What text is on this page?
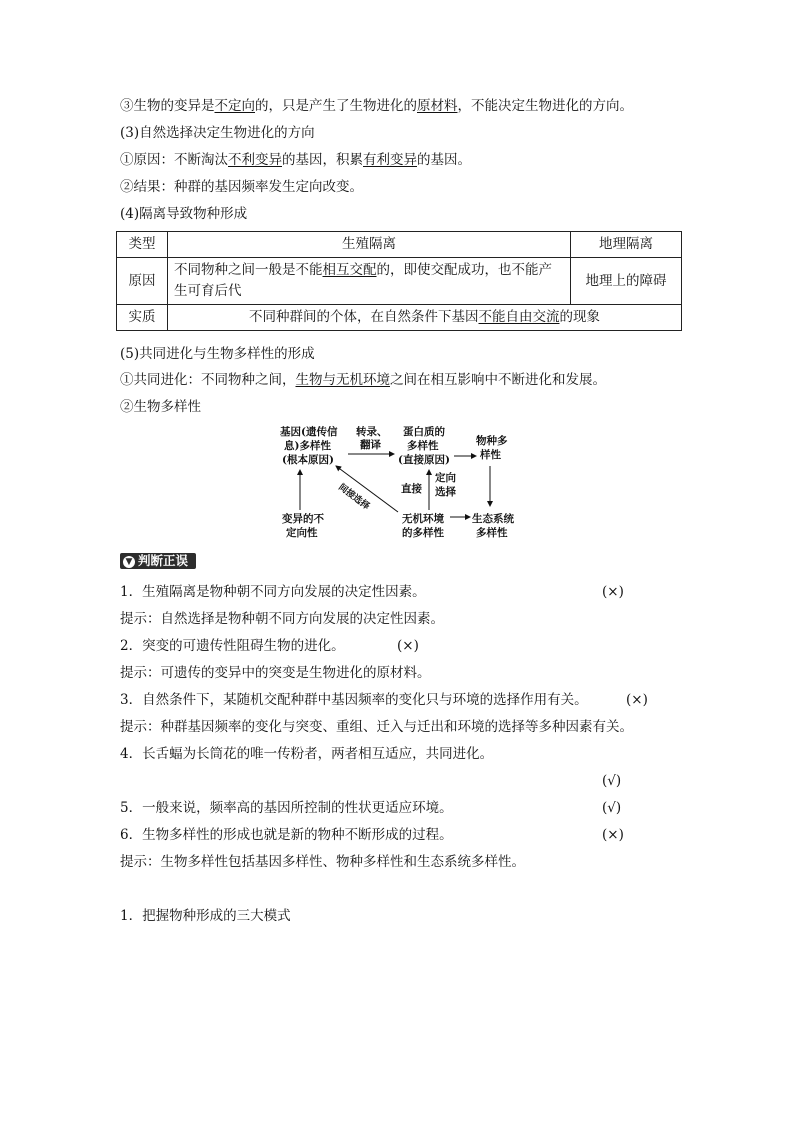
③生物的变异是不定向的，只是产生了生物进化的原材料，不能决定生物进化的方向。
(3)自然选择决定生物进化的方向
①原因：不断淘汰不利变异的基因，积累有利变异的基因。
②结果：种群的基因频率发生定向改变。
(4)隔离导致物种形成
类型	生殖隔离	地理隔离
原因	不同物种之间一般是不能相互交配的，即使交配成功，也不能产生可育后代	地理上的障碍
实质	不同种群间的个体，在自然条件下基因不能自由交流的现象	
(5)共同进化与生物多样性的形成
①共同进化：不同物种之间，生物与无机环境之间在相互影响中不断进化和发展。
②生物多样性
基因(遗传信
息)多样性
(根本原因)
转录、
翻译
蛋白质的
多样性
(直接原因)
物种多
样性
直接
定向
选择
间接选择
变异的不
定向性
无机环境
的多样性
生态系统
多样性
▼ 判断正误
1．生殖隔离是物种朝不同方向发展的决定性因素。	(×)
提示：自然选择是物种朝不同方向发展的决定性因素。
2．突变的可遗传性阻碍生物的进化。	(×)
提示：可遗传的变异中的突变是生物进化的原材料。
3．自然条件下，某随机交配种群中基因频率的变化只与环境的选择作用有关。	(×)
提示：种群基因频率的变化与突变、重组、迁入与迁出和环境的选择等多种因素有关。
4．长舌蝠为长筒花的唯一传粉者，两者相互适应，共同进化。
(√)
5．一般来说，频率高的基因所控制的性状更适应环境。	(√)
6．生物多样性的形成也就是新的物种不断形成的过程。	(×)
提示：生物多样性包括基因多样性、物种多样性和生态系统多样性。
1．把握物种形成的三大模式
